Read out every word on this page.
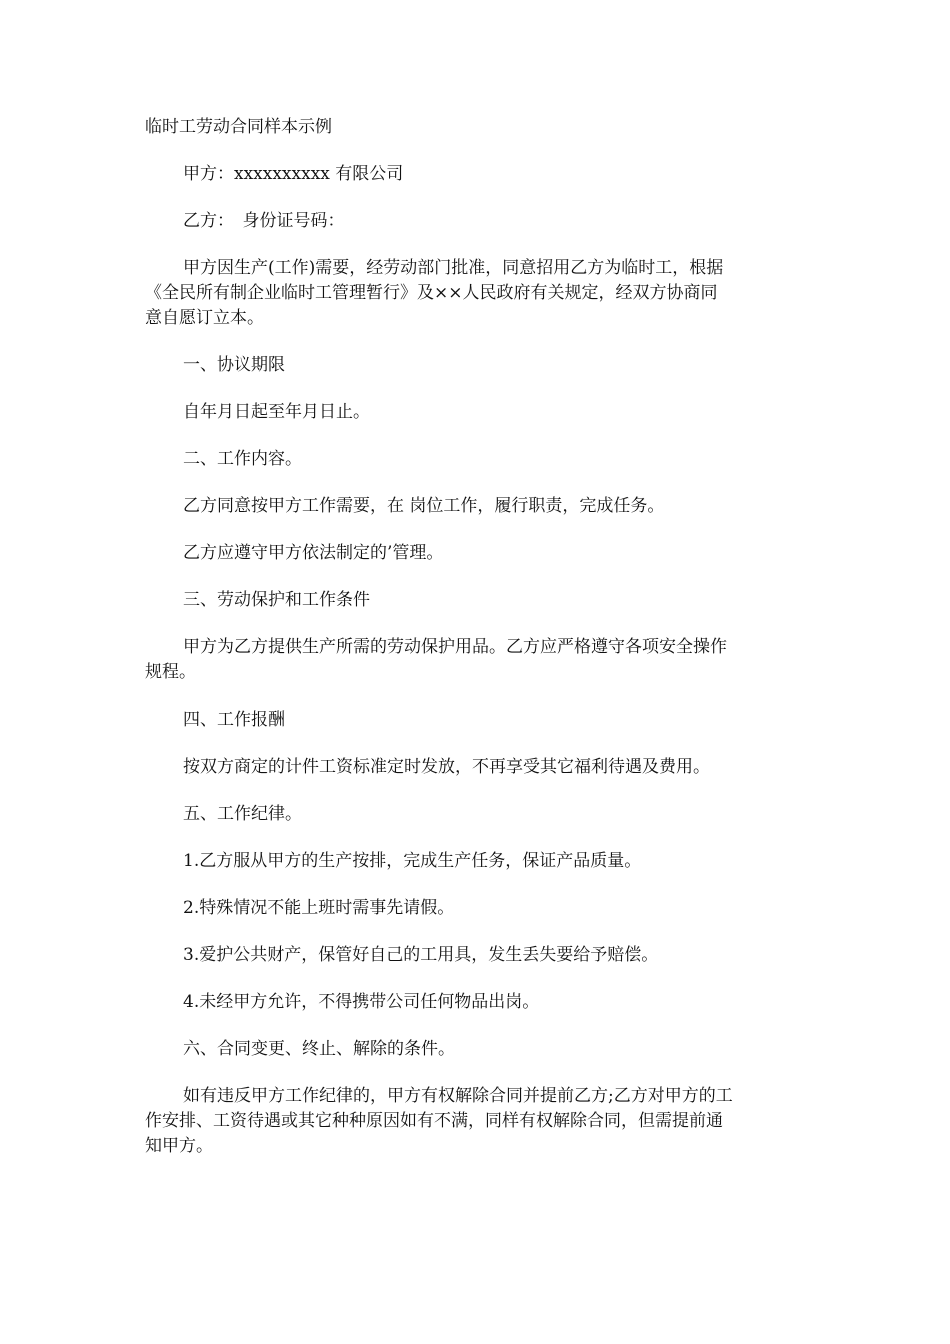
临时工劳动合同样本示例
甲方：xxxxxxxxxx 有限公司
乙方：　身份证号码：
甲方因生产(工作)需要，经劳动部门批准，同意招用乙方为临时工，根据
《全民所有制企业临时工管理暂行》及××人民政府有关规定，经双方协商同
意自愿订立本。
一、协议期限
自年月日起至年月日止。
二、工作内容。
乙方同意按甲方工作需要，在 岗位工作，履行职责，完成任务。
乙方应遵守甲方依法制定的’管理。
三、劳动保护和工作条件
甲方为乙方提供生产所需的劳动保护用品。乙方应严格遵守各项安全操作
规程。
四、工作报酬
按双方商定的计件工资标准定时发放，不再享受其它福利待遇及费用。
五、工作纪律。
1.乙方服从甲方的生产按排，完成生产任务，保证产品质量。
2.特殊情况不能上班时需事先请假。
3.爱护公共财产，保管好自己的工用具，发生丢失要给予赔偿。
4.未经甲方允许，不得携带公司任何物品出岗。
六、合同变更、终止、解除的条件。
如有违反甲方工作纪律的，甲方有权解除合同并提前乙方;乙方对甲方的工
作安排、工资待遇或其它种种原因如有不满，同样有权解除合同，但需提前通
知甲方。
